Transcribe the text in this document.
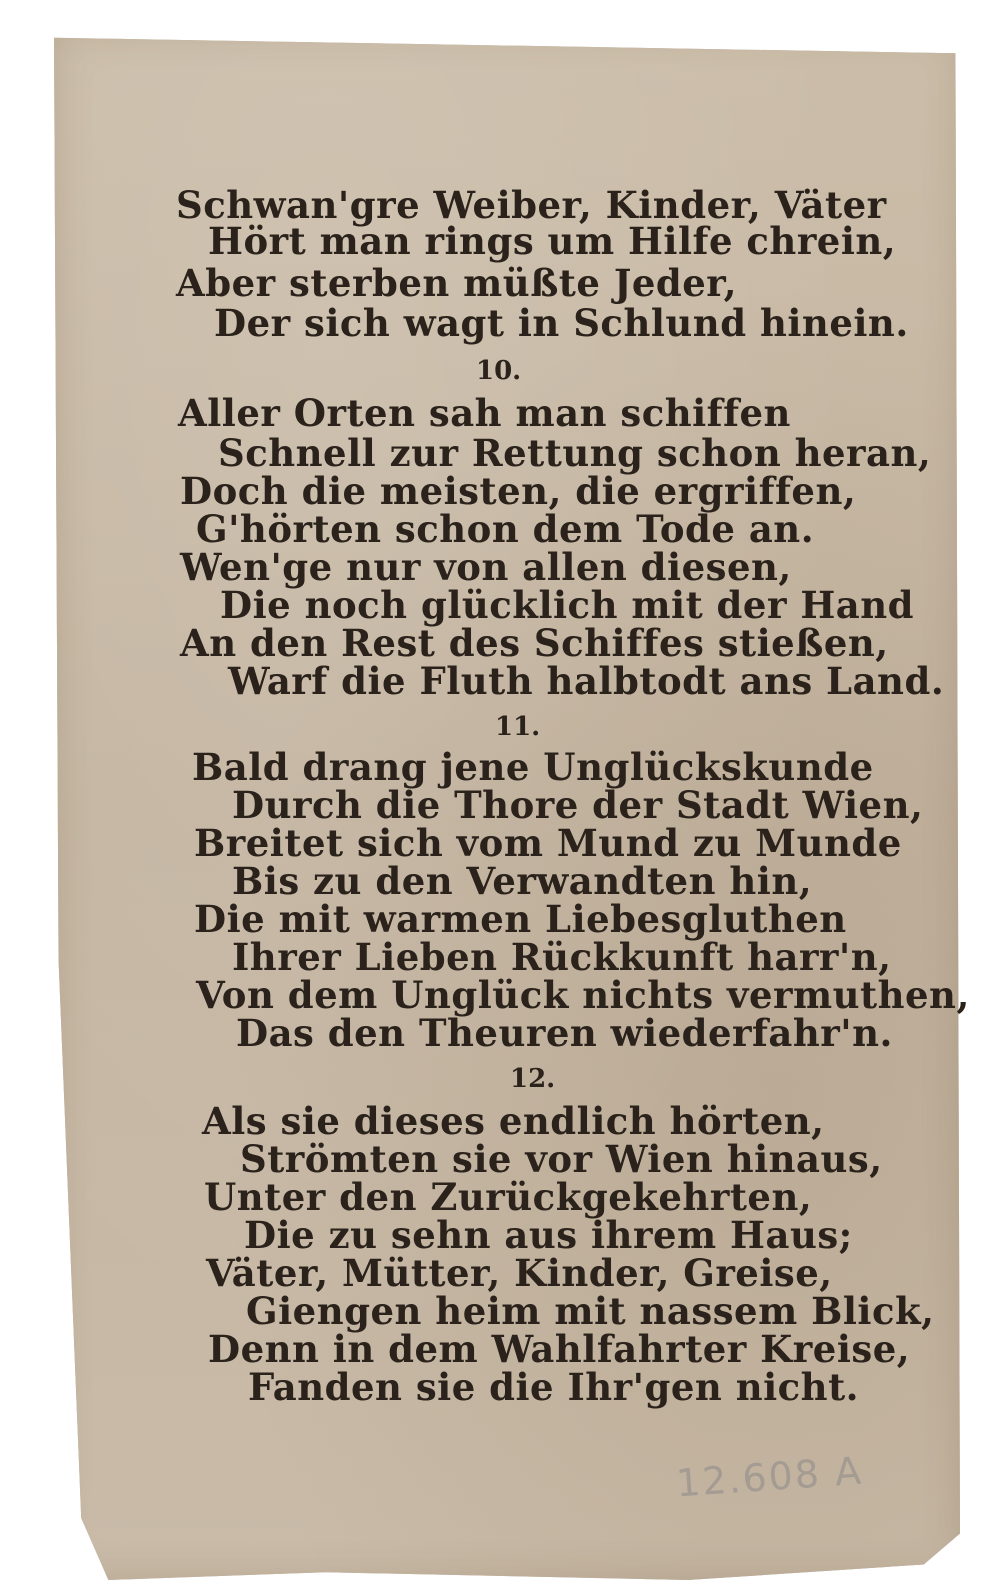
Schwan'gre Weiber, Kinder, Väter
Hört man rings um Hilfe chrein,
Aber sterben müßte Jeder,
Der sich wagt in Schlund hinein.
10.
Aller Orten sah man schiffen
Schnell zur Rettung schon heran,
Doch die meisten, die ergriffen,
G'hörten schon dem Tode an.
Wen'ge nur von allen diesen,
Die noch glücklich mit der Hand
An den Rest des Schiffes stießen,
Warf die Fluth halbtodt ans Land.
11.
Bald drang jene Unglückskunde
Durch die Thore der Stadt Wien,
Breitet sich vom Mund zu Munde
Bis zu den Verwandten hin,
Die mit warmen Liebesgluthen
Ihrer Lieben Rückkunft harr'n,
Von dem Unglück nichts vermuthen,
Das den Theuren wiederfahr'n.
12.
Als sie dieses endlich hörten,
Strömten sie vor Wien hinaus,
Unter den Zurückgekehrten,
Die zu sehn aus ihrem Haus;
Väter, Mütter, Kinder, Greise,
Giengen heim mit nassem Blick,
Denn in dem Wahlfahrter Kreise,
Fanden sie die Ihr'gen nicht.
12.608 A
